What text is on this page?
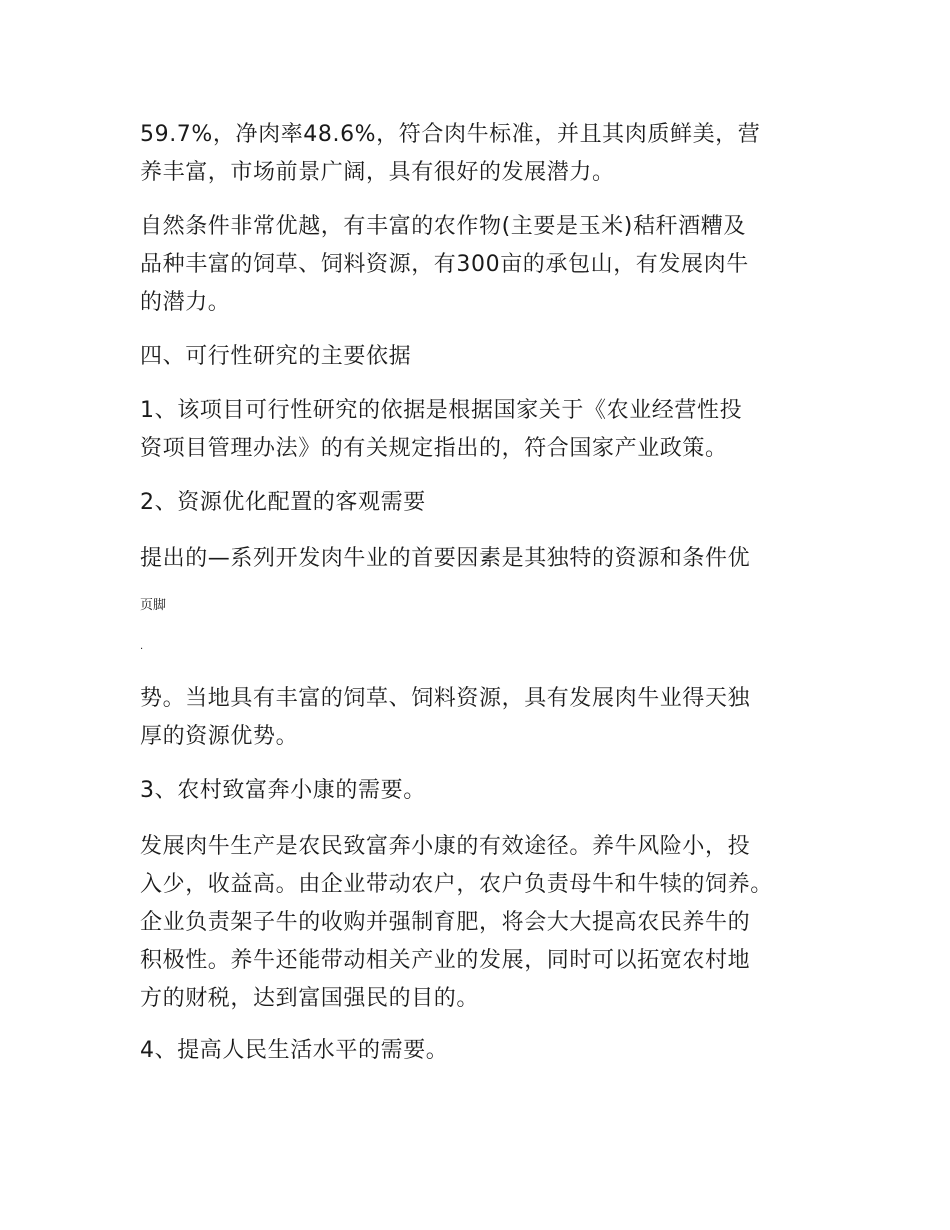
59.7%，净肉率48.6%，符合肉牛标准，并且其肉质鲜美，营
养丰富，市场前景广阔，具有很好的发展潜力。

自然条件非常优越，有丰富的农作物(主要是玉米)秸秆酒糟及
品种丰富的饲草、饲料资源，有300亩的承包山，有发展肉牛
的潜力。

四、可行性研究的主要依据

1、该项目可行性研究的依据是根据国家关于《农业经营性投
资项目管理办法》的有关规定指出的，符合国家产业政策。

2、资源优化配置的客观需要

提出的—系列开发肉牛业的首要因素是其独特的资源和条件优

页脚
.

势。当地具有丰富的饲草、饲料资源，具有发展肉牛业得天独
厚的资源优势。

3、农村致富奔小康的需要。

发展肉牛生产是农民致富奔小康的有效途径。养牛风险小，投
入少，收益高。由企业带动农户，农户负责母牛和牛犊的饲养。
企业负责架子牛的收购并强制育肥，将会大大提高农民养牛的
积极性。养牛还能带动相关产业的发展，同时可以拓宽农村地
方的财税，达到富国强民的目的。

4、提高人民生活水平的需要。
